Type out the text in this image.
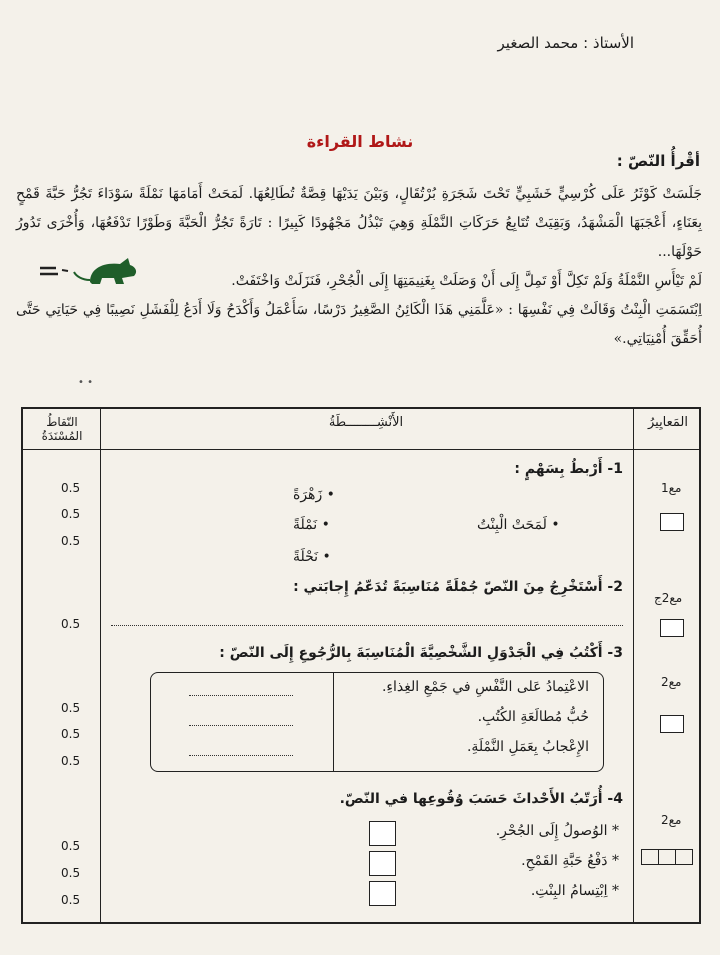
الأستاذ : محمد الصغير
نشاط القراءة
أقْرأُ النّصّ :

جَلَسَتْ كَوْثَرُ عَلَى كُرْسِيٍّ خَشَبِيٍّ تَحْتَ شَجَرَةِ بُرْتُقَالٍ، وَبَيْنَ يَدَيْهَا قِصَّةٌ تُطَالِعُهَا. لَمَحَتْ أَمَامَهَا نَمْلَةً سَوْدَاءَ تَجُرُّ حَبَّةَ قَمْحٍ بِعَنَاءٍ، أَعْجَبَهَا الْمَشْهَدُ، وَبَقِيَتْ تُتَابِعُ حَرَكَاتِ النَّمْلَةِ وَهِيَ تَبْذُلُ مَجْهُودًا كَبِيرًا : تَارَةً تَجُرُّ الْحَبَّةَ وَطَوْرًا تَدْفَعُهَا، وَأُخْرَى تَدُورُ حَوْلَهَا...

لَمْ تَيْأَسِ النَّمْلَةُ وَلَمْ تَكِلَّ أَوْ تَمِلَّ إِلَى أَنْ وَصَلَتْ بِغَنِيمَتِهَا إِلَى الْجُحْرِ، فَنَزَلَتْ وَاخْتَفَتْ.

اِبْتَسَمَتِ الْبِنْتُ وَقَالَتْ فِي نَفْسِهَا : «عَلَّمَنِي هَذَا الْكَائِنُ الصَّغِيرُ دَرْسًا، سَأَعْمَلُ وَأَكْدَحُ وَلَا أَدَعُ لِلْفَشَلِ نَصِيبًا فِي حَيَاتِي حَتَّى أُحَقِّقَ أُمْنِيَاتِي.»

• •
النّقاطُ المُسْنَدَةُ
الأَنْشِــــــــطَةُ	المَعايِيرُ
1- أَرْبطُ بِسَهْمٍ :
• زَهْرَةً
• نَمْلَةً
• نَحْلَةً
• لَمَحَتْ الْبِنْتُ
0.5
0.5
0.5
مع1
2- أَسْتَخْرِجُ مِنَ النّصّ جُمْلَةً مُنَاسِبَةً تُدَعّمُ إِجابَتي :
0.5
مع2ج
3- أَكْتُبُ فِي الْجَدْوَلِ الشَّخْصِيَّةَ الْمُنَاسِبَةَ بِالرُّجُوعِ إِلَى النّصّ :
الاعْتِمادُ عَلى النَّفْسِ في جَمْعِ الغِذاءِ.
حُبُّ مُطالَعَةِ الكُتُبِ.
الإِعْجابُ بِعَمَلِ النَّمْلَةِ.
0.5
0.5
0.5
مع2
4- أُرَتّبُ الأَحْداثَ حَسَبَ وُقُوعِها في النّصّ.
* الوُصولُ إِلَى الجُحْرِ.
* دَفْعُ حَبَّةِ القَمْحِ.
* اِبْتِسامُ البِنْتِ.
0.5
0.5
0.5
مع2
